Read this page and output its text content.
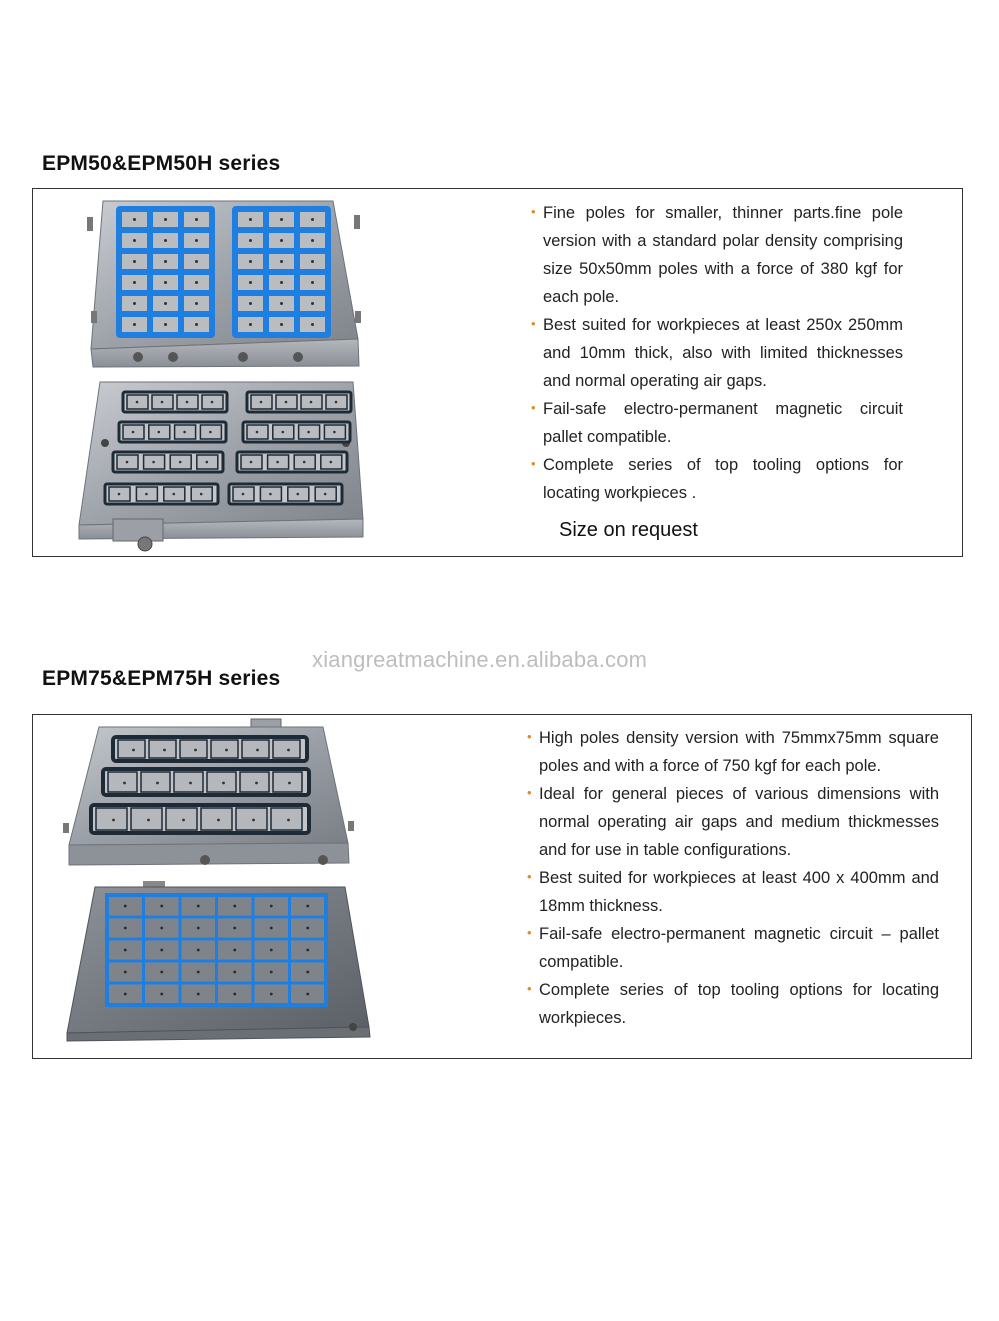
EPM50&EPM50H series
• Fine poles for smaller, thinner parts.fine pole version with a standard polar density comprising size 50x50mm poles with a force of 380 kgf for each pole.
• Best suited for workpieces at least 250x 250mm and 10mm thick, also with limited thicknesses and normal operating air gaps.
• Fail-safe electro-permanent magnetic circuit pallet compatible.
• Complete series of top tooling options for locating workpieces .
Size on request
xiangreatmachine.en.alibaba.com
EPM75&EPM75H series
• High poles density version with 75mmx75mm square poles and with a force of 750 kgf for each pole.
• Ideal for general pieces of various dimensions with normal operating air gaps and medium thickmesses and for use in table configurations.
• Best suited for workpieces at least 400 x 400mm and 18mm thickness.
• Fail-safe electro-permanent magnetic circuit – pallet compatible.
• Complete series of top tooling options for locating workpieces.
